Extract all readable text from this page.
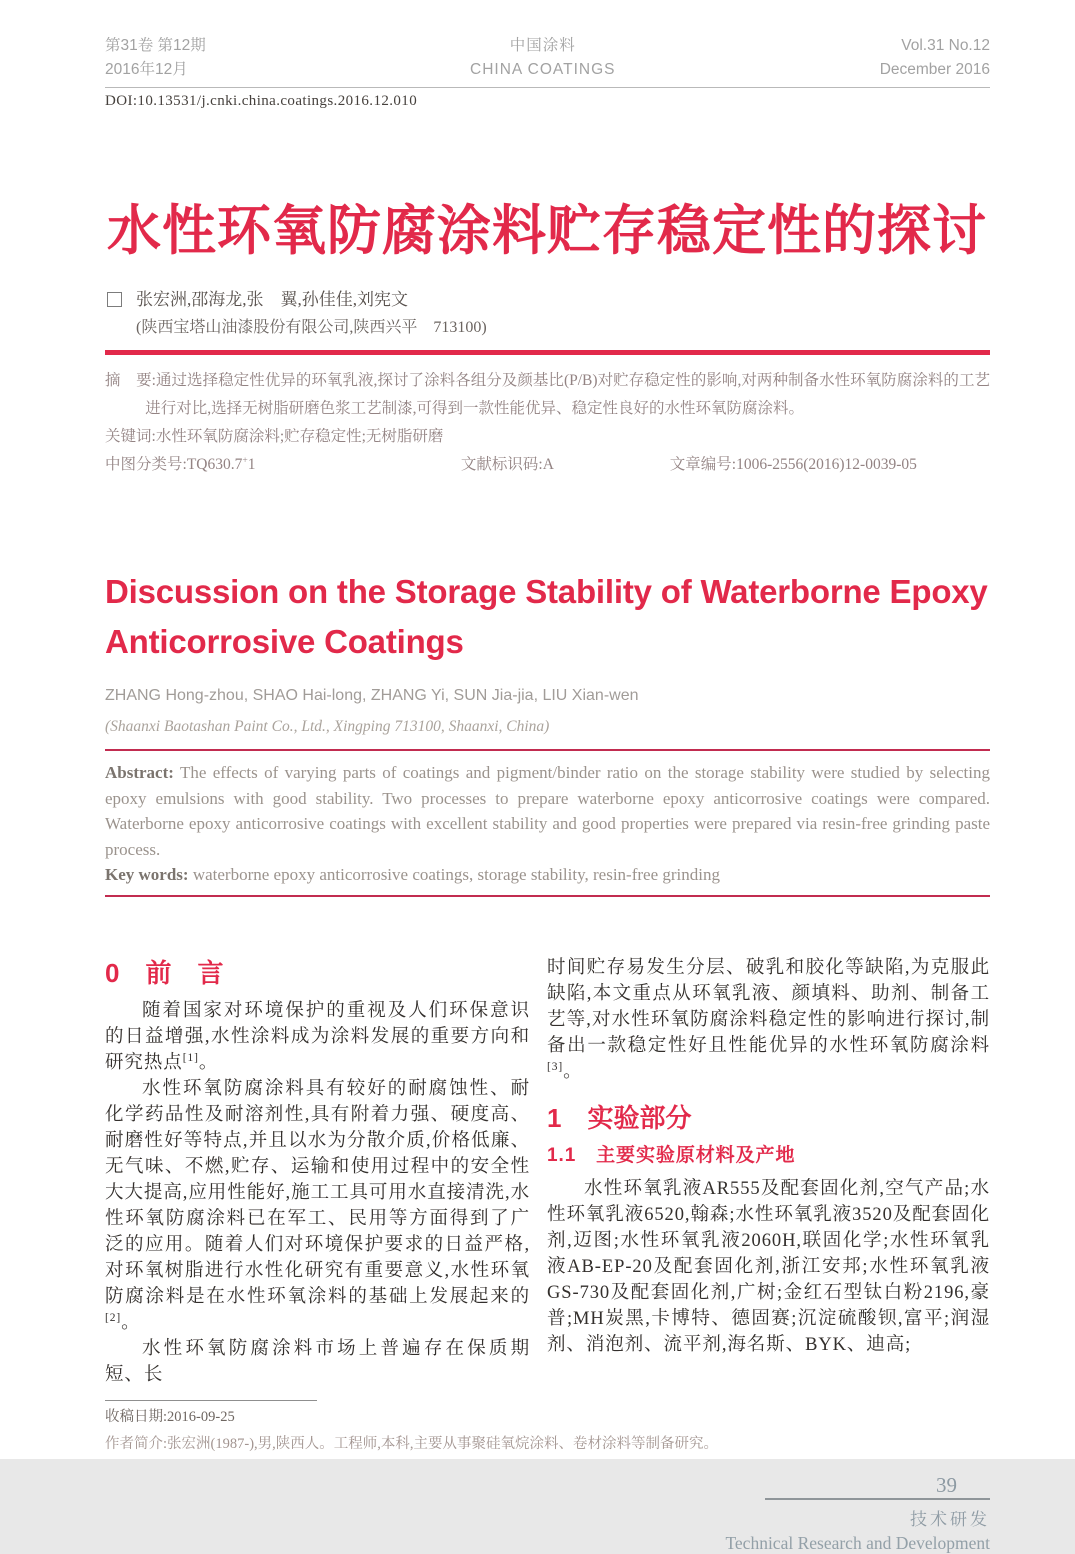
第31卷 第12期
2016年12月
中国涂料
CHINA COATINGS
Vol.31 No.12
December 2016
DOI:10.13531/j.cnki.china.coatings.2016.12.010
水性环氧防腐涂料贮存稳定性的探讨
张宏洲,邵海龙,张　翼,孙佳佳,刘宪文
(陕西宝塔山油漆股份有限公司,陕西兴平　713100)

摘　要:通过选择稳定性优异的环氧乳液,探讨了涂料各组分及颜基比(P/B)对贮存稳定性的影响,对两种制备水性环氧防腐涂料的工艺进行对比,选择无树脂研磨色浆工艺制漆,可得到一款性能优异、稳定性良好的水性环氧防腐涂料。

关键词:水性环氧防腐涂料;贮存稳定性;无树脂研磨

中图分类号:TQ630.7+1	文献标识码:A	文章编号:1006-2556(2016)12-0039-05

Discussion on the Storage Stability of Waterborne Epoxy
Anticorrosive Coatings
ZHANG Hong-zhou, SHAO Hai-long, ZHANG Yi, SUN Jia-jia, LIU Xian-wen
(Shaanxi Baotashan Paint Co., Ltd., Xingping 713100, Shaanxi, China)

Abstract: The effects of varying parts of coatings and pigment/binder ratio on the storage stability were studied by selecting epoxy emulsions with good stability. Two processes to prepare waterborne epoxy anticorrosive coatings were compared. Waterborne epoxy anticorrosive coatings with excellent stability and good properties were prepared via resin-free grinding paste process.

Key words: waterborne epoxy anticorrosive coatings, storage stability, resin-free grinding

0　前　言

随着国家对环境保护的重视及人们环保意识的日益增强,水性涂料成为涂料发展的重要方向和研究热点[1]。

水性环氧防腐涂料具有较好的耐腐蚀性、耐化学药品性及耐溶剂性,具有附着力强、硬度高、耐磨性好等特点,并且以水为分散介质,价格低廉、无气味、不燃,贮存、运输和使用过程中的安全性大大提高,应用性能好,施工工具可用水直接清洗,水性环氧防腐涂料已在军工、民用等方面得到了广泛的应用。随着人们对环境保护要求的日益严格,对环氧树脂进行水性化研究有重要意义,水性环氧防腐涂料是在水性环氧涂料的基础上发展起来的[2]。

水性环氧防腐涂料市场上普遍存在保质期短、长

时间贮存易发生分层、破乳和胶化等缺陷,为克服此缺陷,本文重点从环氧乳液、颜填料、助剂、制备工艺等,对水性环氧防腐涂料稳定性的影响进行探讨,制备出一款稳定性好且性能优异的水性环氧防腐涂料[3]。

1　实验部分
1.1　主要实验原材料及产地

水性环氧乳液AR555及配套固化剂,空气产品;水性环氧乳液6520,翰森;水性环氧乳液3520及配套固化剂,迈图;水性环氧乳液2060H,联固化学;水性环氧乳液AB-EP-20及配套固化剂,浙江安邦;水性环氧乳液GS-730及配套固化剂,广树;金红石型钛白粉2196,豪普;MH炭黑,卡博特、德固赛;沉淀硫酸钡,富平;润湿剂、消泡剂、流平剂,海名斯、BYK、迪高;

收稿日期:2016-09-25

作者简介:张宏洲(1987-),男,陕西人。工程师,本科,主要从事聚硅氧烷涂料、卷材涂料等制备研究。

39
技术研发
Technical Research and Development
